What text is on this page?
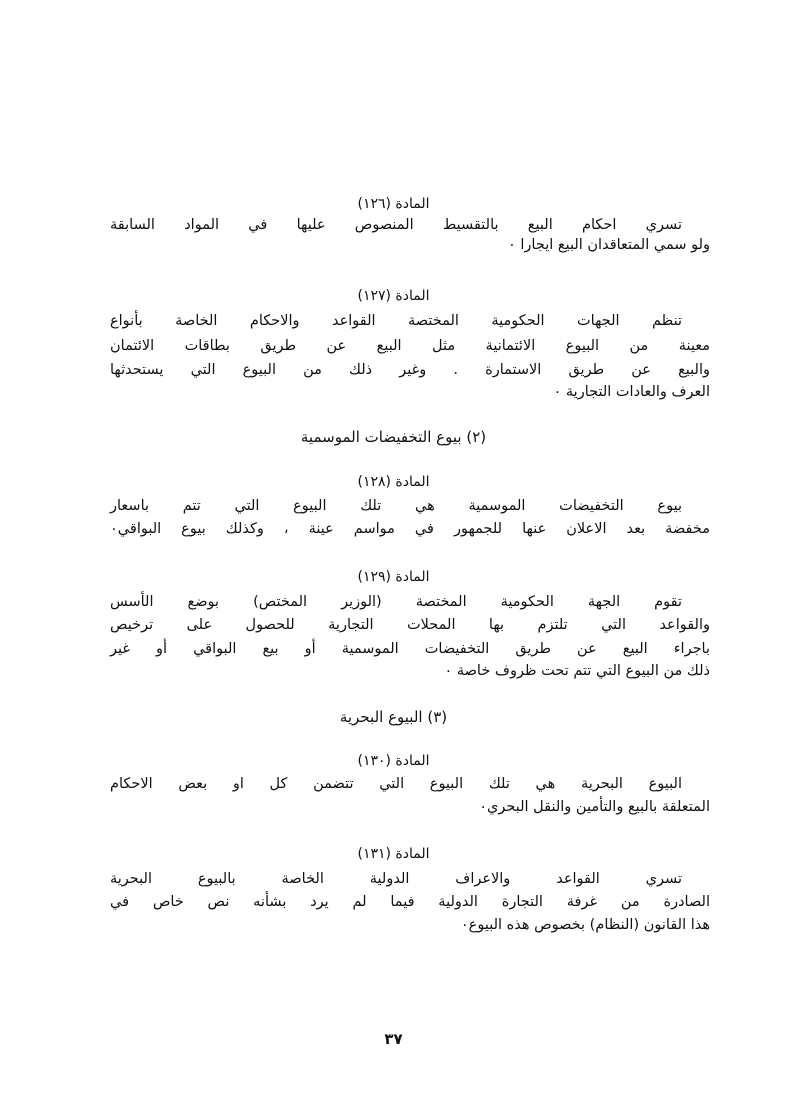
المادة (١٢٦)
تسري احكام البيع بالتقسيط المنصوص عليها في المواد السابقة
ولو سمي المتعاقدان البيع ايجارا ٠
المادة (١٢٧)
تنظم الجهات الحكومية المختصة القواعد والاحكام الخاصة بأنواع
معينة من البيوع الائتمانية مثل البيع عن طريق بطاقات الائتمان
والبيع عن طريق الاستمارة . وغير ذلك من البيوع التي يستحدثها
العرف والعادات التجارية ٠
(٢) بيوع التخفيضات الموسمية
المادة (١٢٨)
بيوع التخفيضات الموسمية هي تلك البيوع التي تتم باسعار
مخفضة بعد الاعلان عنها للجمهور في مواسم عينة ، وكذلك بيوع البواقي٠
المادة (١٢٩)
تقوم الجهة الحكومية المختصة (الوزير المختص) بوضع الأسس
والقواعد التي تلتزم بها المحلات التجارية للحصول على ترخيص
باجراء البيع عن طريق التخفيضات الموسمية أو بيع البواقي أو غير
ذلك من البيوع التي تتم تحت ظروف خاصة ٠
(٣) البيوع البحرية
المادة (١٣٠)
البيوع البحرية هي تلك البيوع التي تتضمن كل او بعض الاحكام
المتعلقة بالبيع والتأمين والنقل البحري٠
المادة (١٣١)
تسري القواعد والاعراف الدولية الخاصة بالبيوع البحرية
الصادرة من غرفة التجارة الدولية فيما لم يرد بشأنه نص خاص في
هذا القانون (النظام) بخصوص هذه البيوع٠
٣٧
